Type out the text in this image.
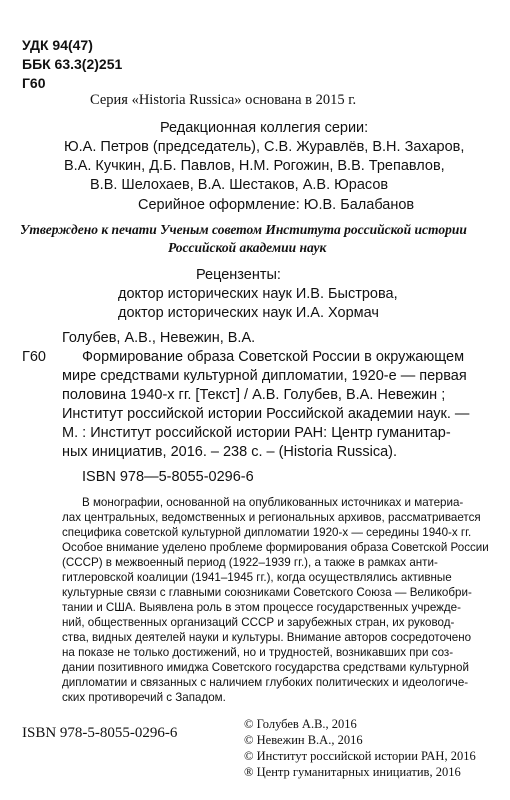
УДК 94(47)
ББК 63.3(2)251
Г60
Серия «Historia Russica» основана в 2015 г.
Редакционная коллегия серии:
Ю.А. Петров (председатель), С.В. Журавлёв, В.Н. Захаров,
В.А. Кучкин, Д.Б. Павлов, Н.М. Рогожин, В.В. Трепавлов,
В.В. Шелохаев, В.А. Шестаков, А.В. Юрасов
Серийное оформление: Ю.В. Балабанов
Утверждено к печати Ученым советом Института российской истории
Российской академии наук
Рецензенты:
доктор исторических наук И.В. Быстрова,
доктор исторических наук И.А. Хормач
Голубев, А.В., Невежин, В.А.
Г60 Формирование образа Советской России в окружающем
мире средствами культурной дипломатии, 1920-е — первая
половина 1940-х гг. [Текст] / А.В. Голубев, В.А. Невежин ;
Институт российской истории Российской академии наук. —
М. : Институт российской истории РАН: Центр гуманитар-
ных инициатив, 2016. – 238 с. – (Historia Russica).
ISBN 978—5-8055-0296-6
В монографии, основанной на опубликованных источниках и материа-
лах центральных, ведомственных и региональных архивов, рассматривается
специфика советской культурной дипломатии 1920-х — середины 1940-х гг.
Особое внимание уделено проблеме формирования образа Советской России
(СССР) в межвоенный период (1922–1939 гг.), а также в рамках анти-
гитлеровской коалиции (1941–1945 гг.), когда осуществлялись активные
культурные связи с главными союзниками Советского Союза — Великобри-
тании и США. Выявлена роль в этом процессе государственных учрежде-
ний, общественных организаций СССР и зарубежных стран, их руковод-
ства, видных деятелей науки и культуры. Внимание авторов сосредоточено
на показе не только достижений, но и трудностей, возникавших при соз-
дании позитивного имиджа Советского государства средствами культурной
дипломатии и связанных с наличием глубоких политических и идеологиче-
ских противоречий с Западом.
ISBN 978-5-8055-0296-6
© Голубев А.В., 2016
© Невежин В.А., 2016
© Институт российской истории РАН, 2016
® Центр гуманитарных инициатив, 2016
